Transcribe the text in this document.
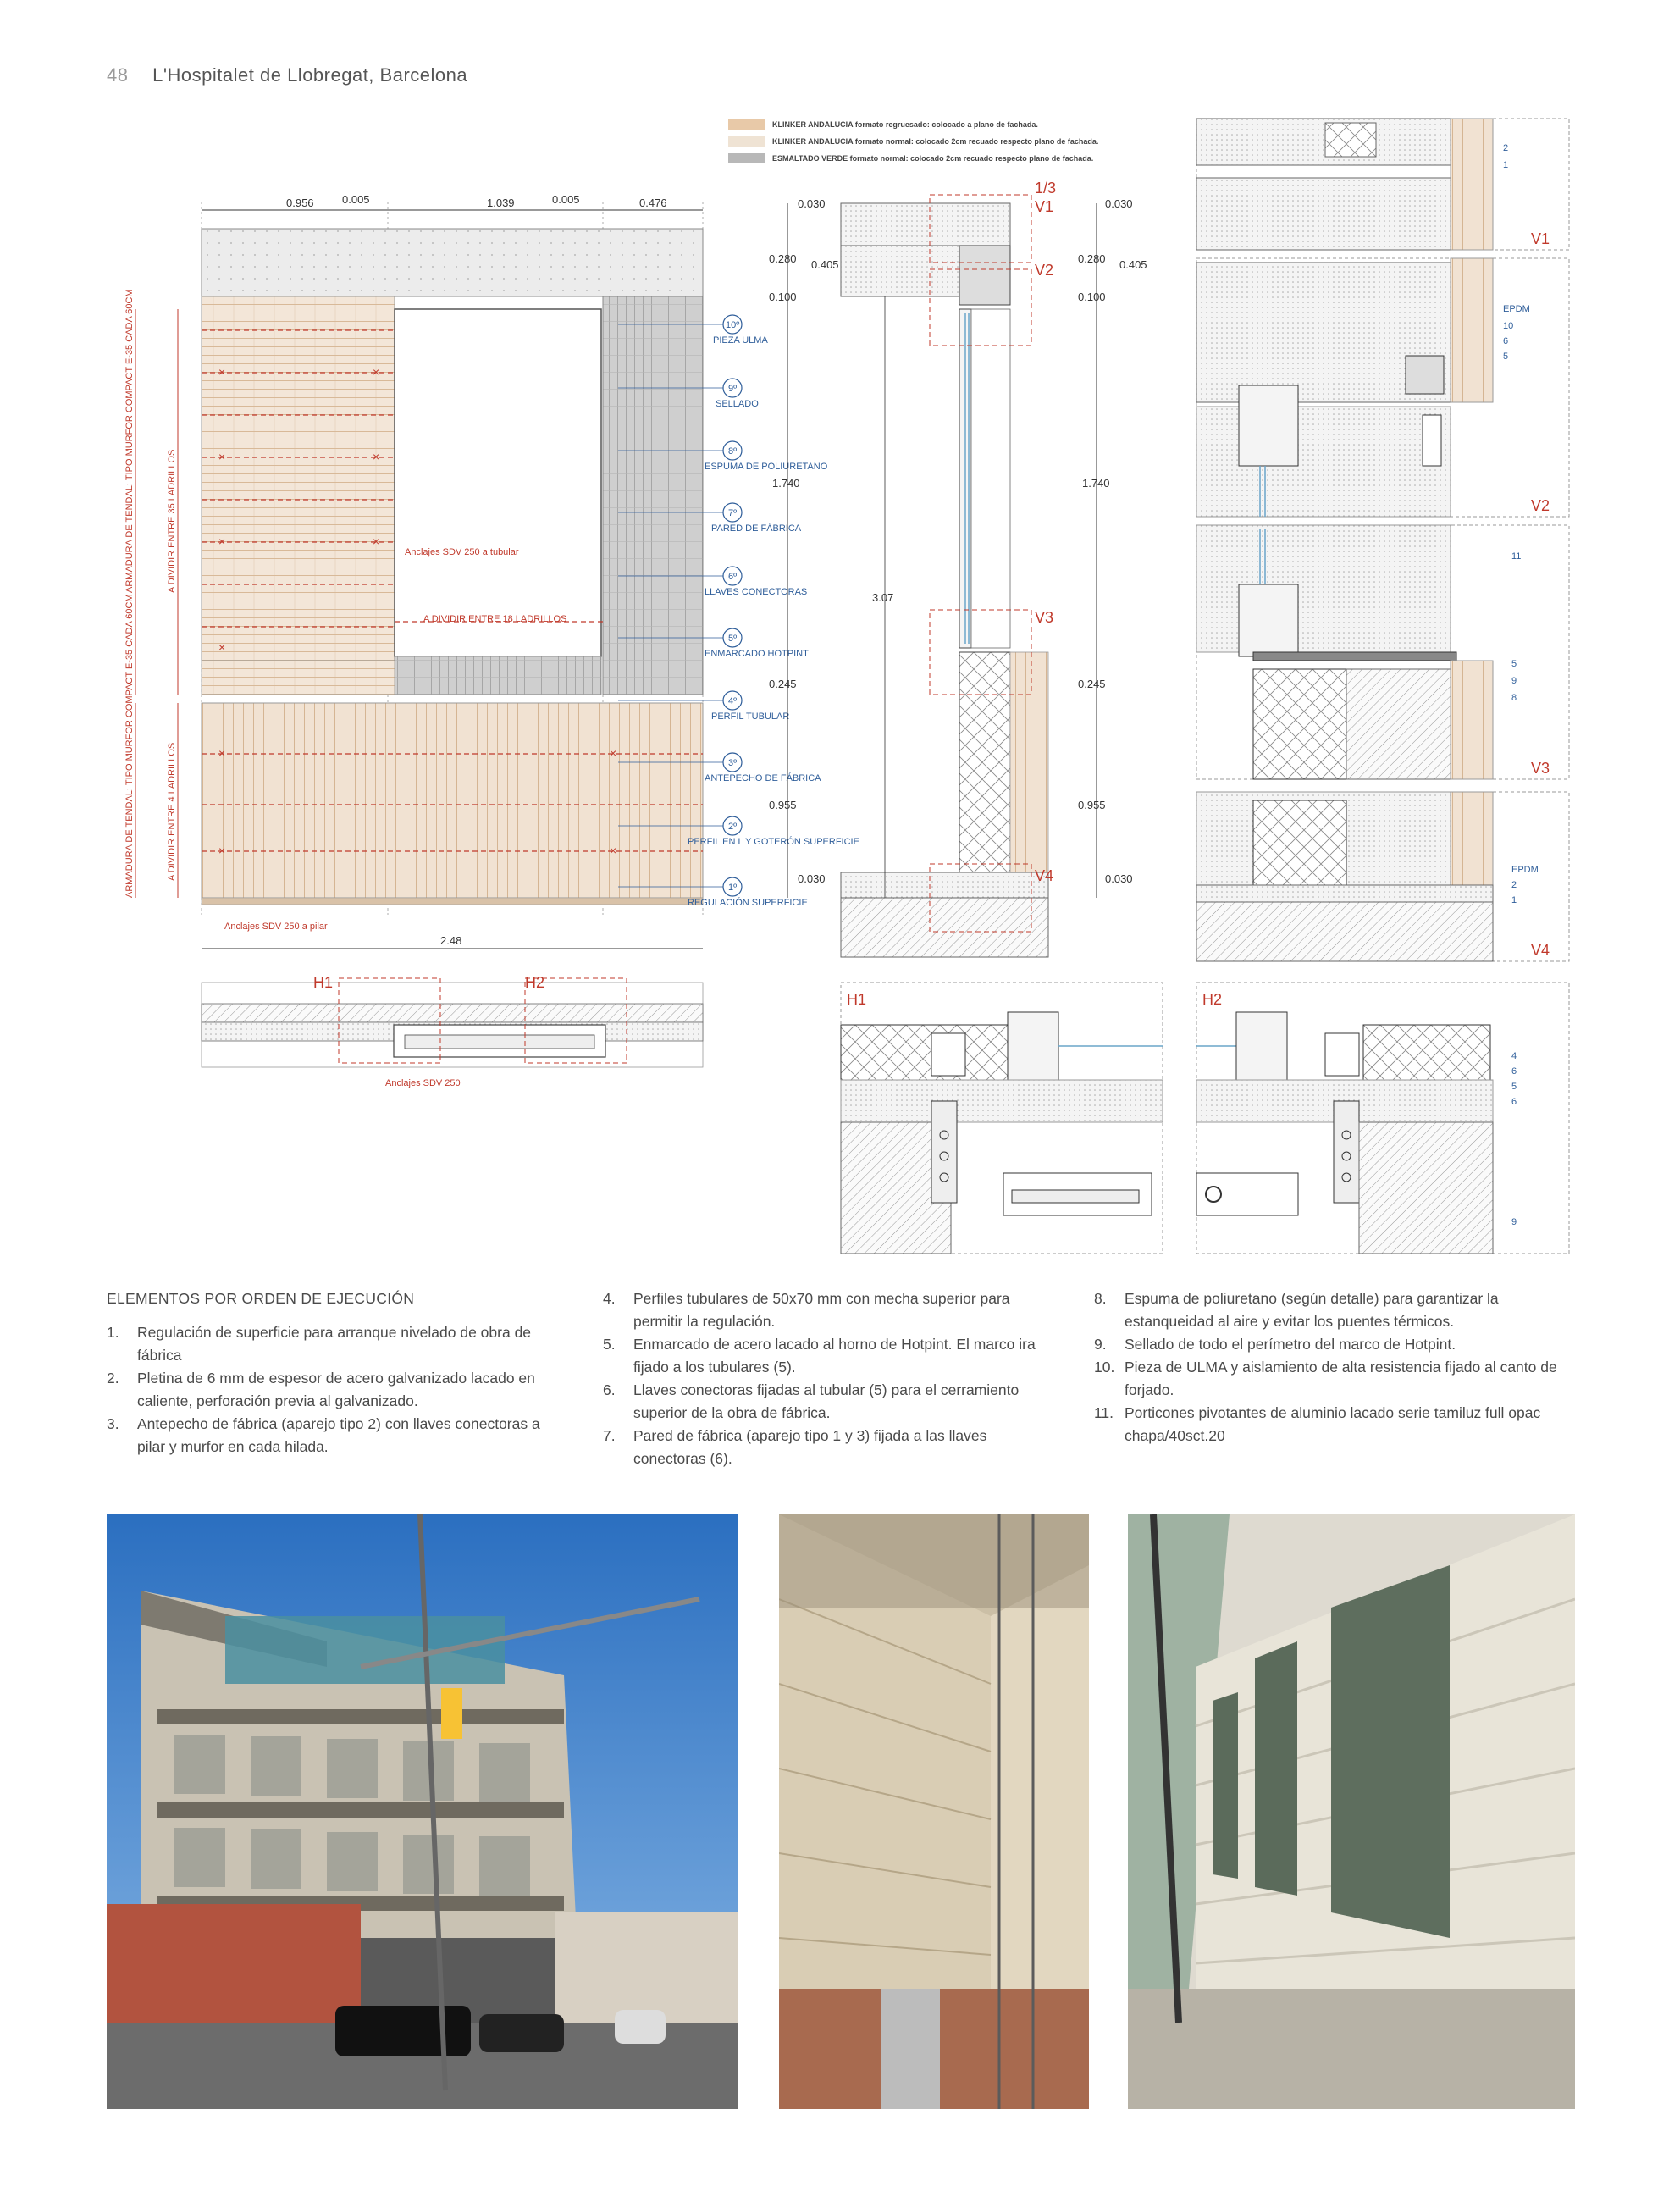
48 L'Hospitalet de Llobregat, Barcelona
KLINKER ANDALUCIA formato regruesado: colocado a plano de fachada.
KLINKER ANDALUCIA formato normal: colocado 2cm recuado respecto plano de fachada.
ESMALTADO VERDE formato normal: colocado 2cm recuado respecto plano de fachada.
0.956	0.005	1.039	0.005	0.476
×
×
×
×
×
×
×
×
×
×
×
Anclajes SDV 250 a tubular
A DIVIDIR ENTRE 18 LADRILLOS
Anclajes SDV 250 a pilar
ARMADURA DE TENDAL: TIPO MURFOR COMPACT E-35 CADA 60CM	A DIVIDIR ENTRE 35 LADRILLOS
ARMADURA DE TENDAL: TIPO MURFOR COMPACT E-35 CADA 60CM	A DIVIDIR ENTRE 4 LADRILLOS
2.48
10º
PIEZA ULMA
9º
SELLADO
8º
ESPUMA DE POLIURETANO
7º
PARED DE FÁBRICA
6º
LLAVES CONECTORAS
5º
ENMARCADO HOTPINT
4º
PERFIL TUBULAR
3º
ANTEPECHO DE FÁBRICA
2º
PERFIL EN L Y GOTERÓN SUPERFICIE
1º
REGULACIÓN SUPERFICIE
0.030
0.280 0.405
0.100
1.740
0.245
0.955
0.030
H1	H2
Anclajes SDV 250
1/3
V1
V2
V3
V4
3.07
0.030
0.280 0.405
0.100
1.740
0.245
0.955
0.030
2
1
V1
EPDM
10
6
5
V2
11
5
9
8
V3
EPDM
2
1
V4
H1	H2
4
6
5
6
9
ELEMENTOS POR ORDEN DE EJECUCIÓN
1. Regulación de superficie para arranque nivelado de obra de fábrica
2. Pletina de 6 mm de espesor de acero galvanizado lacado en caliente, perforación previa al galvanizado.
3. Antepecho de fábrica (aparejo tipo 2) con llaves conectoras a pilar y murfor en cada hilada.
4. Perfiles tubulares de 50x70 mm con mecha superior para permitir la regulación.
5. Enmarcado de acero lacado al horno de Hotpint. El marco ira fijado a los tubulares (5).
6. Llaves conectoras fijadas al tubular (5) para el cerramiento superior de la obra de fábrica.
7. Pared de fábrica (aparejo tipo 1 y 3) fijada a las llaves conectoras (6).
8. Espuma de poliuretano (según detalle) para garantizar la estanqueidad al aire y evitar los puentes térmicos.
9. Sellado de todo el perímetro del marco de Hotpint.
10. Pieza de ULMA y aislamiento de alta resistencia fijado al canto de forjado.
11. Porticones pivotantes de aluminio lacado serie tamiluz full opac chapa/40sct.20
